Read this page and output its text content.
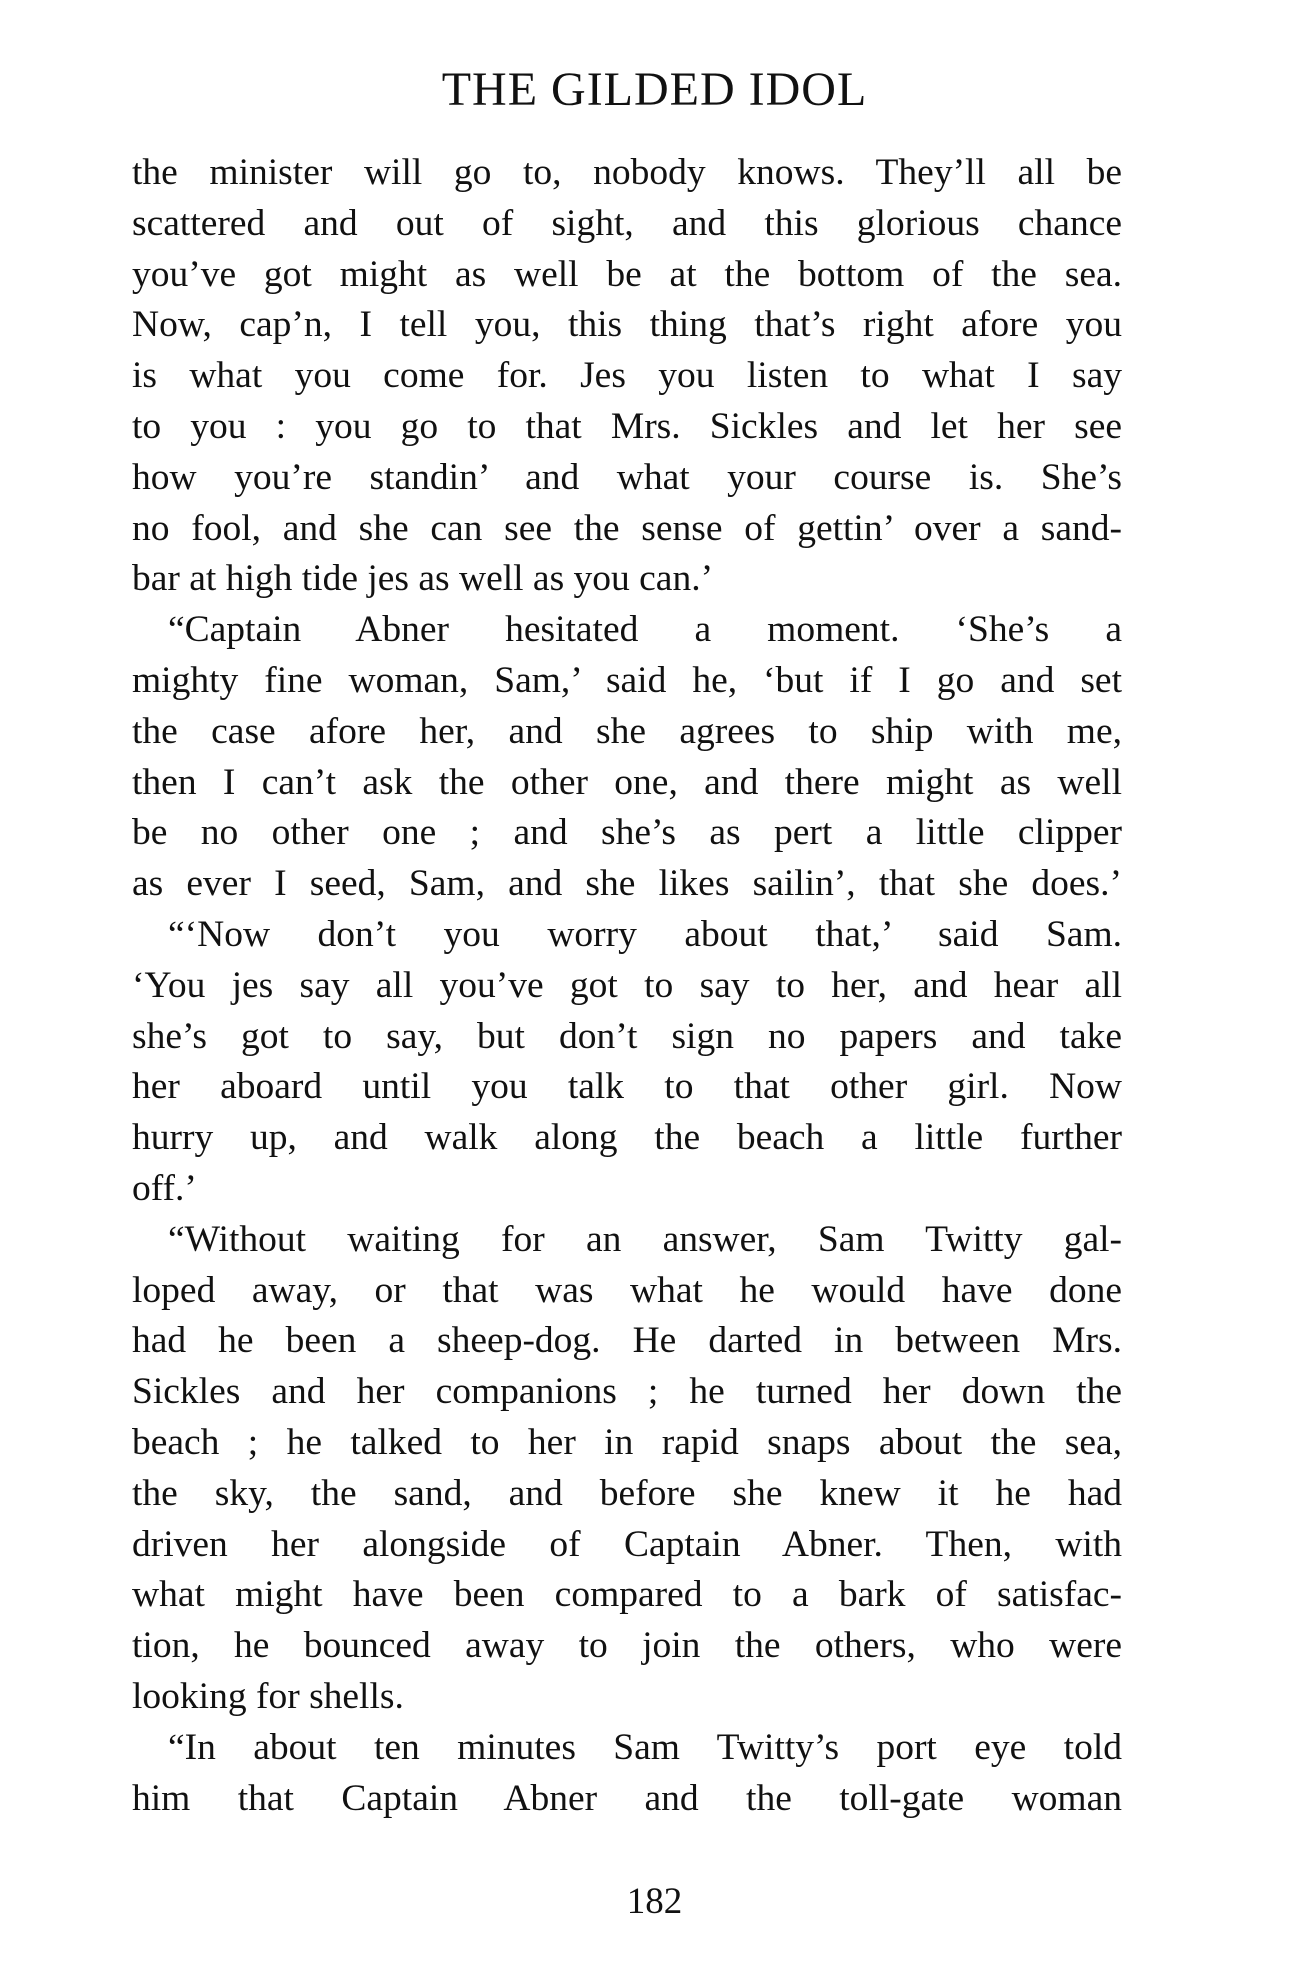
THE GILDED IDOL
the minister will go to, nobody knows. They’ll all be
scattered and out of sight, and this glorious chance
you’ve got might as well be at the bottom of the sea.
Now, cap’n, I tell you, this thing that’s right afore you
is what you come for. Jes you listen to what I say
to you : you go to that Mrs. Sickles and let her see
how you’re standin’ and what your course is. She’s
no fool, and she can see the sense of gettin’ over a sand-
bar at high tide jes as well as you can.’
“Captain Abner hesitated a moment. ‘She’s a
mighty fine woman, Sam,’ said he, ‘but if I go and set
the case afore her, and she agrees to ship with me,
then I can’t ask the other one, and there might as well
be no other one ; and she’s as pert a little clipper
as ever I seed, Sam, and she likes sailin’, that she does.’
“‘Now don’t you worry about that,’ said Sam.
‘You jes say all you’ve got to say to her, and hear all
she’s got to say, but don’t sign no papers and take
her aboard until you talk to that other girl. Now
hurry up, and walk along the beach a little further
off.’
“Without waiting for an answer, Sam Twitty gal-
loped away, or that was what he would have done
had he been a sheep-dog. He darted in between Mrs.
Sickles and her companions ; he turned her down the
beach ; he talked to her in rapid snaps about the sea,
the sky, the sand, and before she knew it he had
driven her alongside of Captain Abner. Then, with
what might have been compared to a bark of satisfac-
tion, he bounced away to join the others, who were
looking for shells.
“In about ten minutes Sam Twitty’s port eye told
him that Captain Abner and the toll-gate woman
182
